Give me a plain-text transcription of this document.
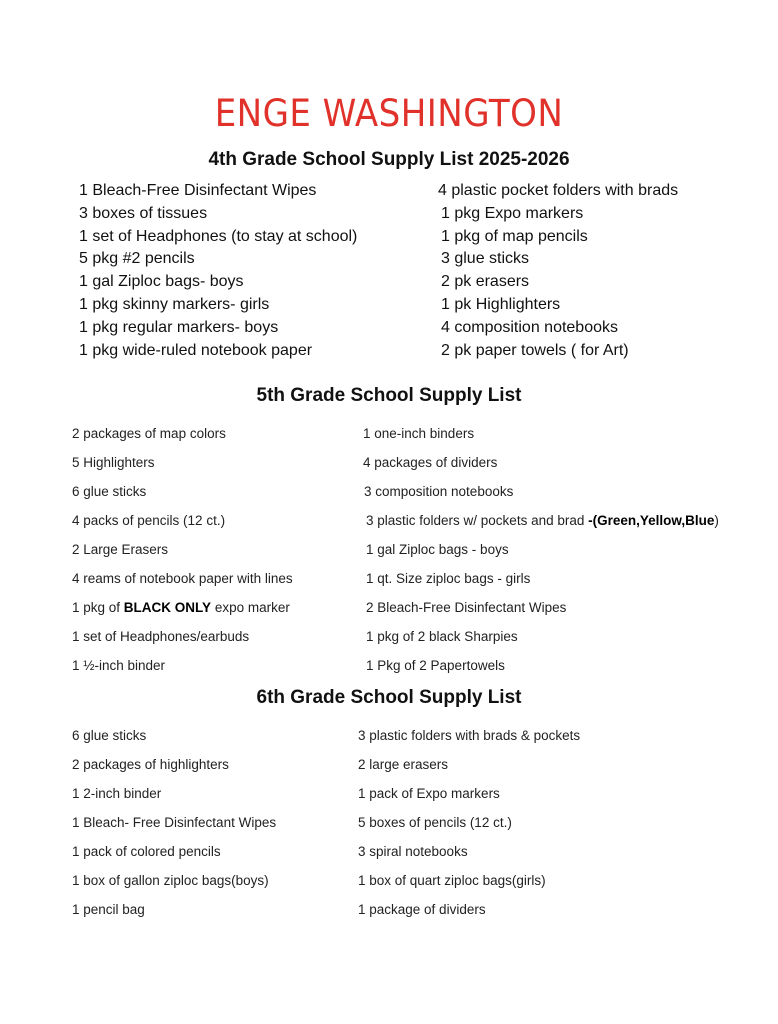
ENGE WASHINGTON
4th Grade School Supply List 2025-2026
1 Bleach-Free Disinfectant Wipes
3 boxes of tissues
1 set of Headphones (to stay at school)
5 pkg #2 pencils
1 gal Ziploc bags- boys
1 pkg skinny markers- girls
1 pkg regular markers- boys
1 pkg wide-ruled notebook paper
4 plastic pocket folders with brads
1 pkg Expo markers
1 pkg of map pencils
3 glue sticks
2 pk erasers
1 pk Highlighters
4 composition notebooks
2 pk paper towels ( for Art)
5th Grade School Supply List
2 packages of map colors
5 Highlighters
6 glue sticks
4 packs of pencils (12 ct.)
2 Large Erasers
4 reams of notebook paper with lines
1 pkg of BLACK ONLY expo marker
1 set of Headphones/earbuds
1 ½-inch binder
1 one-inch binders
4 packages of dividers
3 composition notebooks
3 plastic folders w/ pockets and brad -(Green,Yellow,Blue)
1 gal Ziploc bags - boys
1 qt. Size ziploc bags - girls
2 Bleach-Free Disinfectant Wipes
1 pkg of 2 black Sharpies
1 Pkg of 2 Papertowels
6th Grade School Supply List
6 glue sticks
2 packages of highlighters
1 2-inch binder
1 Bleach- Free Disinfectant Wipes
1 pack of colored pencils
1 box of gallon ziploc bags(boys)
1 pencil bag
3 plastic folders with brads & pockets
2 large erasers
1 pack of Expo markers
5 boxes of pencils (12 ct.)
3 spiral notebooks
1 box of quart ziploc bags(girls)
1 package of dividers
